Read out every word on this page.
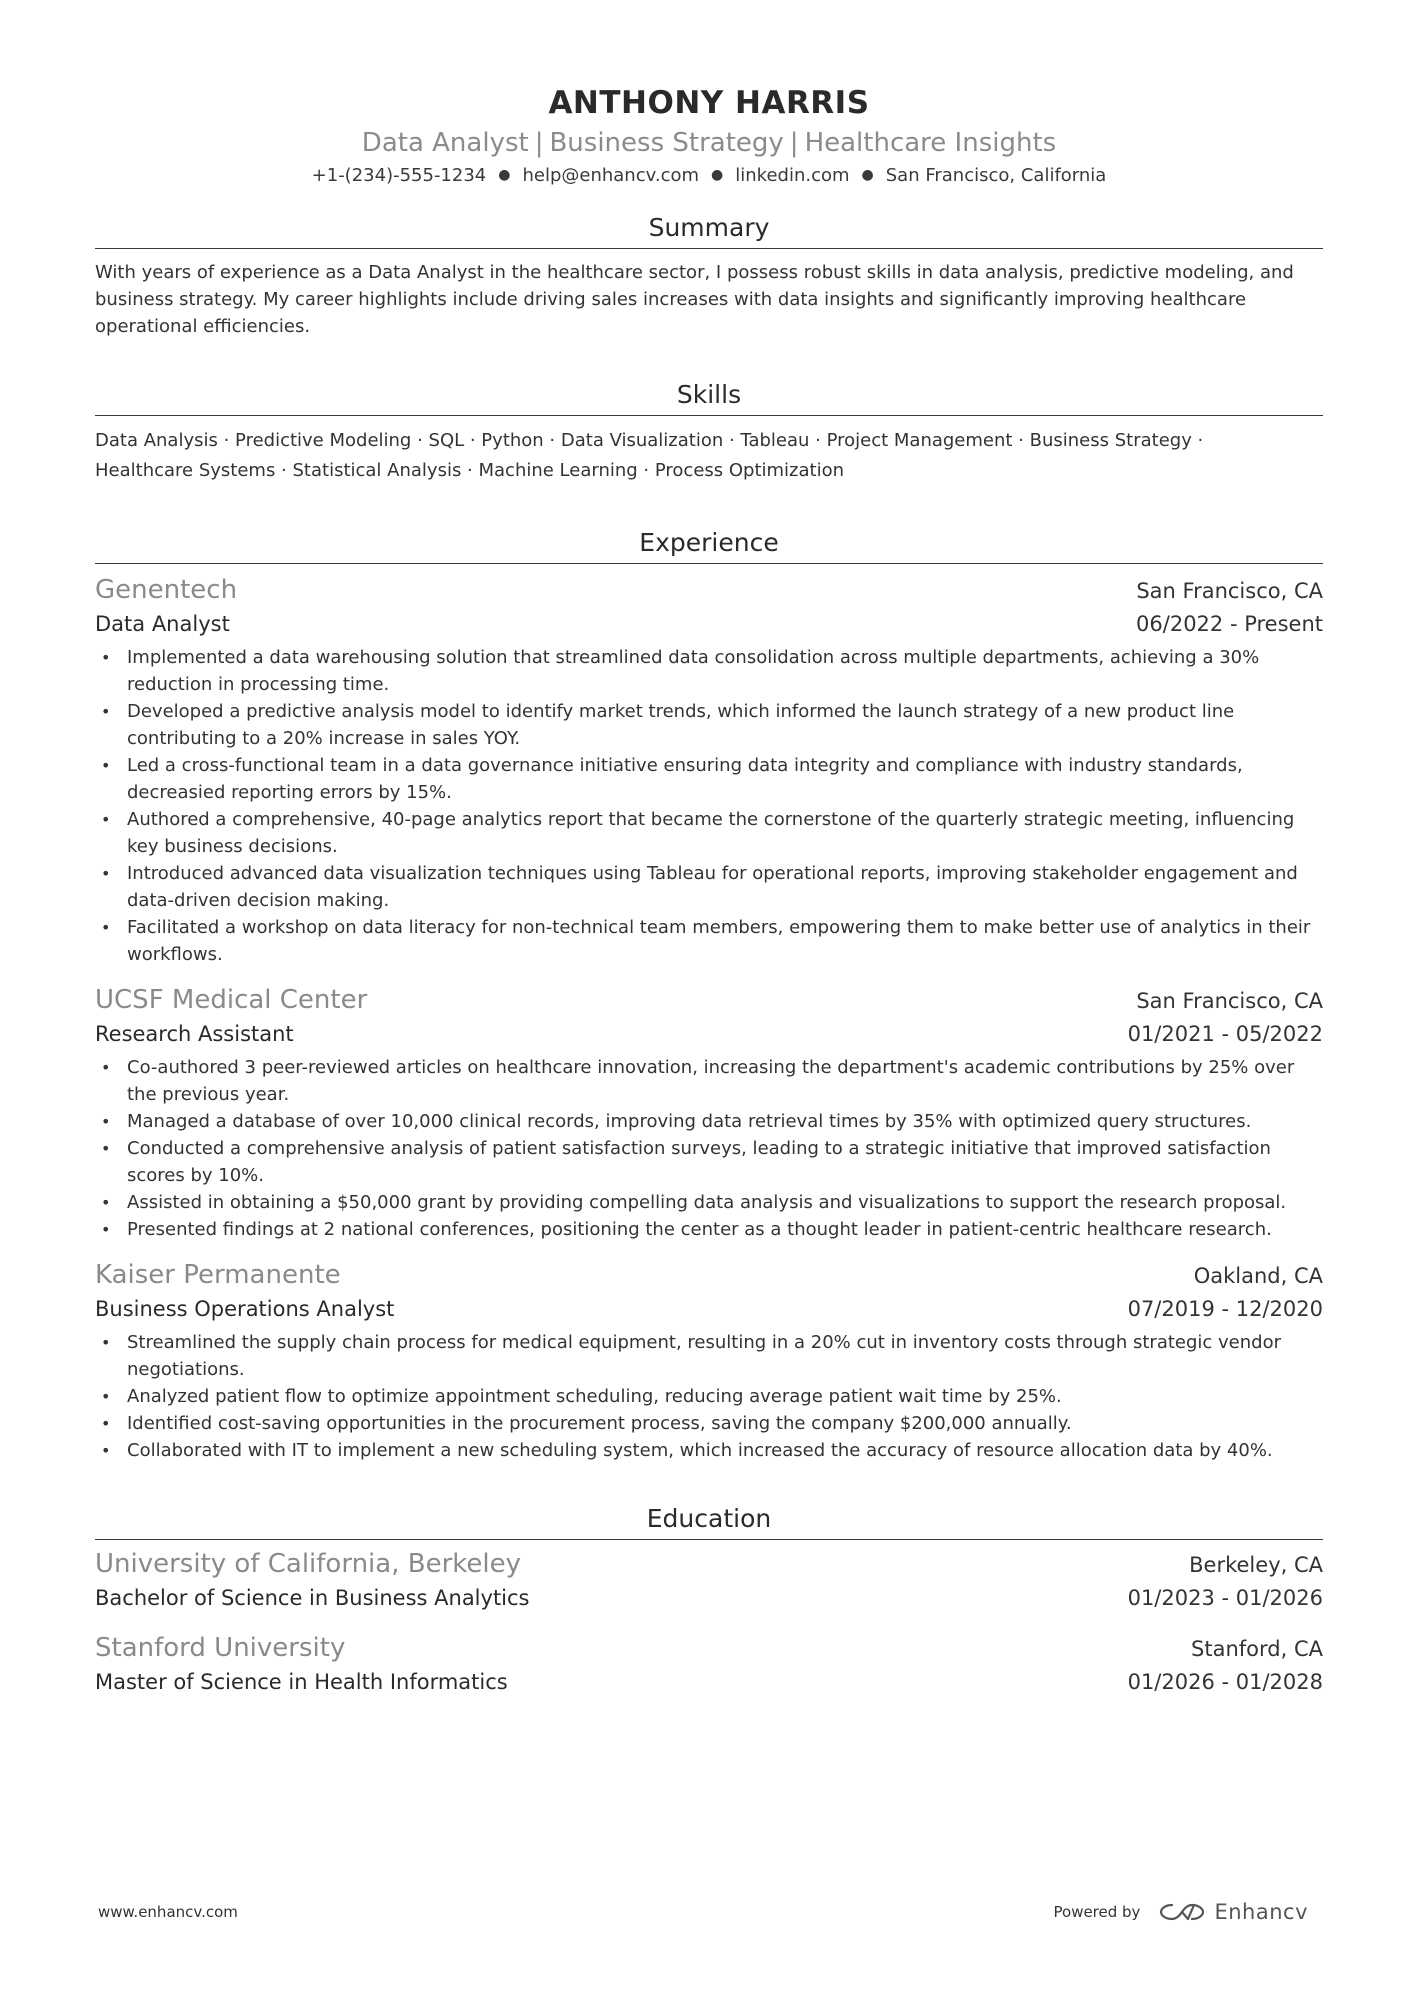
ANTHONY HARRIS
Data Analyst | Business Strategy | Healthcare Insights
+1-(234)-555-1234 ● help@enhancv.com ● linkedin.com ● San Francisco, California
Summary
With years of experience as a Data Analyst in the healthcare sector, I possess robust skills in data analysis, predictive modeling, and business strategy. My career highlights include driving sales increases with data insights and significantly improving healthcare operational efficiencies.
Skills
Data Analysis · Predictive Modeling · SQL · Python · Data Visualization · Tableau · Project Management · Business Strategy ·
Healthcare Systems · Statistical Analysis · Machine Learning · Process Optimization
Experience
Genentech	San Francisco, CA
Data Analyst	06/2022 - Present
• Implemented a data warehousing solution that streamlined data consolidation across multiple departments, achieving a 30% reduction in processing time.
• Developed a predictive analysis model to identify market trends, which informed the launch strategy of a new product line contributing to a 20% increase in sales YOY.
• Led a cross-functional team in a data governance initiative ensuring data integrity and compliance with industry standards, decreasied reporting errors by 15%.
• Authored a comprehensive, 40-page analytics report that became the cornerstone of the quarterly strategic meeting, influencing key business decisions.
• Introduced advanced data visualization techniques using Tableau for operational reports, improving stakeholder engagement and data-driven decision making.
• Facilitated a workshop on data literacy for non-technical team members, empowering them to make better use of analytics in their workflows.
UCSF Medical Center	San Francisco, CA
Research Assistant	01/2021 - 05/2022
• Co-authored 3 peer-reviewed articles on healthcare innovation, increasing the department's academic contributions by 25% over the previous year.
• Managed a database of over 10,000 clinical records, improving data retrieval times by 35% with optimized query structures.
• Conducted a comprehensive analysis of patient satisfaction surveys, leading to a strategic initiative that improved satisfaction scores by 10%.
• Assisted in obtaining a $50,000 grant by providing compelling data analysis and visualizations to support the research proposal.
• Presented findings at 2 national conferences, positioning the center as a thought leader in patient-centric healthcare research.
Kaiser Permanente	Oakland, CA
Business Operations Analyst	07/2019 - 12/2020
• Streamlined the supply chain process for medical equipment, resulting in a 20% cut in inventory costs through strategic vendor negotiations.
• Analyzed patient flow to optimize appointment scheduling, reducing average patient wait time by 25%.
• Identified cost-saving opportunities in the procurement process, saving the company $200,000 annually.
• Collaborated with IT to implement a new scheduling system, which increased the accuracy of resource allocation data by 40%.
Education
University of California, Berkeley	Berkeley, CA
Bachelor of Science in Business Analytics	01/2023 - 01/2026
Stanford University	Stanford, CA
Master of Science in Health Informatics	01/2026 - 01/2028
www.enhancv.com	Powered by	Enhancv
